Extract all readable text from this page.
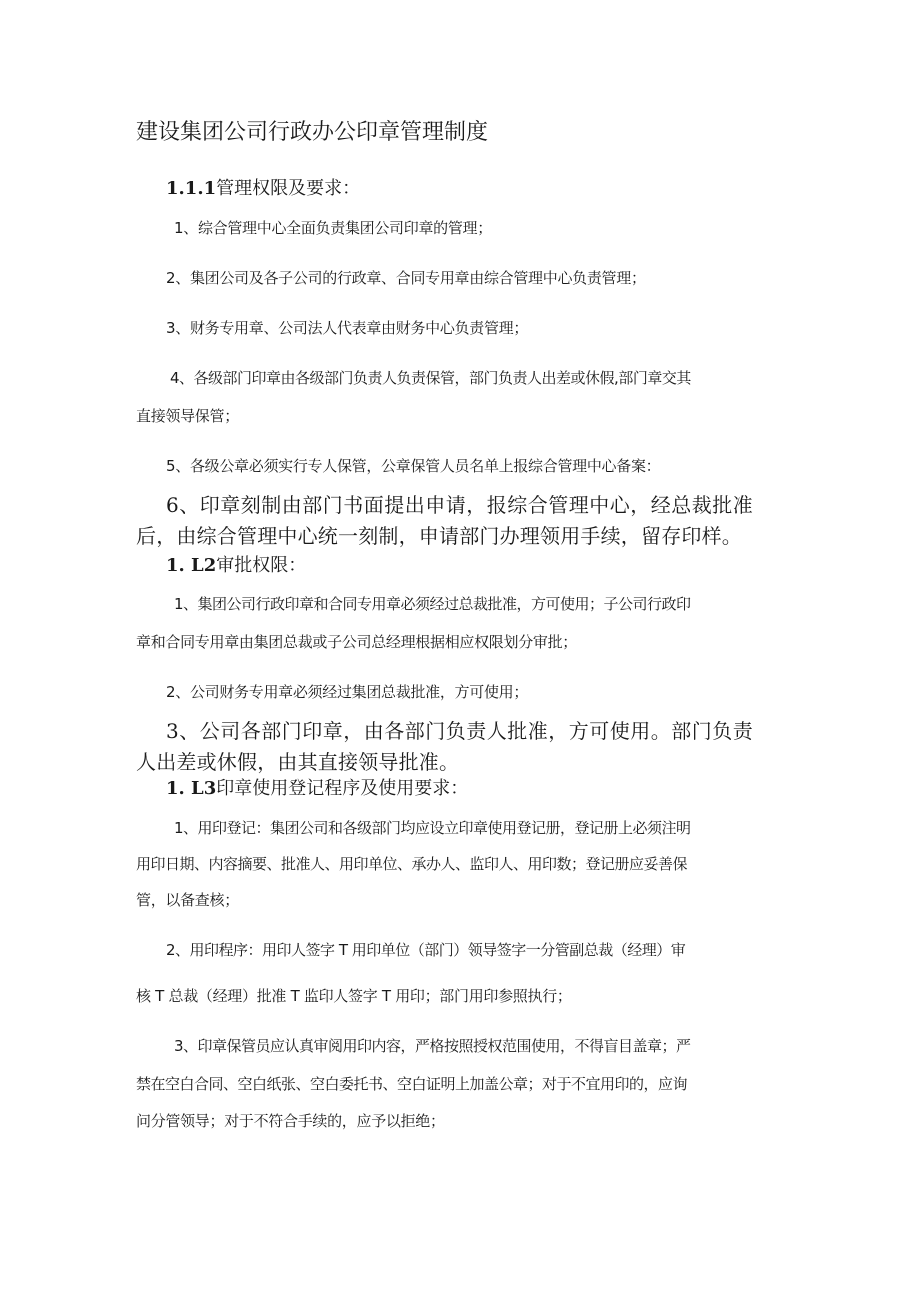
建设集团公司行政办公印章管理制度
1.1.1管理权限及要求：
1、综合管理中心全面负责集团公司印章的管理；
2、集团公司及各子公司的行政章、合同专用章由综合管理中心负责管理；
3、财务专用章、公司法人代表章由财务中心负责管理；
4、各级部门印章由各级部门负责人负责保管，部门负责人出差或休假,部门章交其
直接领导保管；
5、各级公章必须实行专人保管，公章保管人员名单上报综合管理中心备案：
6、印章刻制由部门书面提出申请，报综合管理中心，经总裁批准
后，由综合管理中心统一刻制，申请部门办理领用手续，留存印样。
1. L2审批权限：
1、集团公司行政印章和合同专用章必须经过总裁批准，方可使用；子公司行政印
章和合同专用章由集团总裁或子公司总经理根据相应权限划分审批；
2、公司财务专用章必须经过集团总裁批准，方可使用；
3、公司各部门印章，由各部门负责人批准，方可使用。部门负责
人出差或休假，由其直接领导批准。
1. L3印章使用登记程序及使用要求：
1、用印登记：集团公司和各级部门均应设立印章使用登记册，登记册上必须注明
用印日期、内容摘要、批准人、用印单位、承办人、监印人、用印数；登记册应妥善保
管，以备查核；
2、用印程序：用印人签字 T 用印单位（部门）领导签字一分管副总裁（经理）审
核 T 总裁（经理）批准 T 监印人签字 T 用印；部门用印参照执行；
3、印章保管员应认真审阅用印内容，严格按照授权范围使用，不得盲目盖章；严
禁在空白合同、空白纸张、空白委托书、空白证明上加盖公章；对于不宜用印的，应询
问分管领导；对于不符合手续的，应予以拒绝；
